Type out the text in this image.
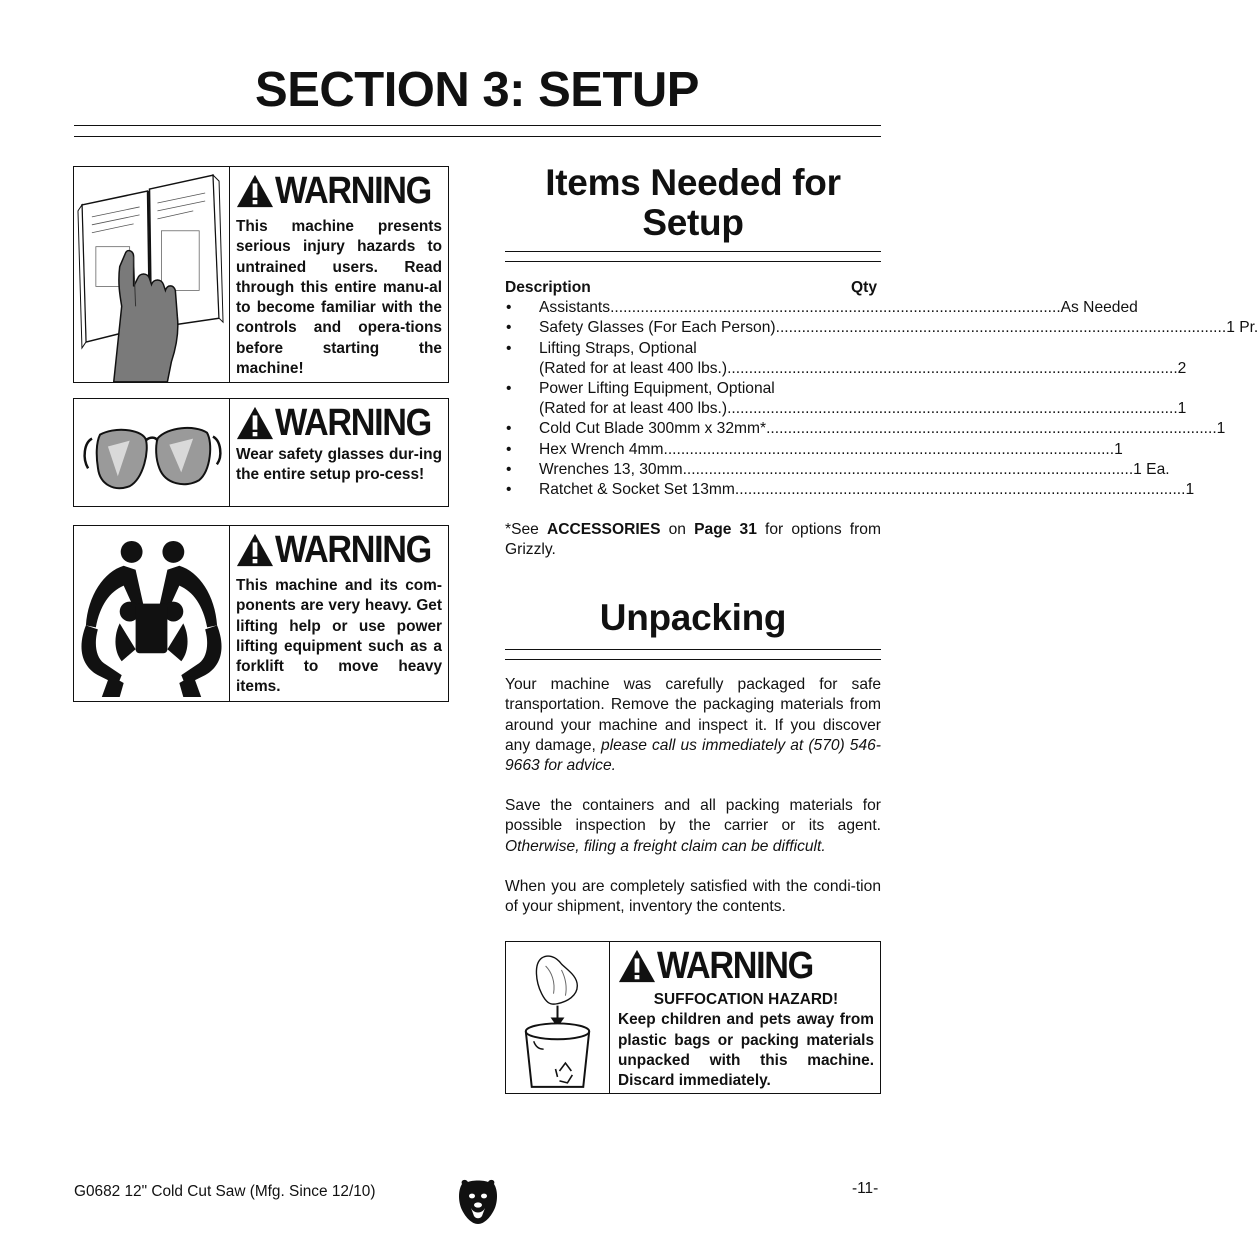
SECTION 3: SETUP
WARNING

This machine presents serious injury hazards to untrained users. Read through this entire manu-al to become familiar with the controls and opera-tions before starting the machine!

WARNING

Wear safety glasses dur-ing the entire setup pro-cess!

WARNING

This machine and its com-ponents are very heavy. Get lifting help or use power lifting equipment such as a forklift to move heavy items.

Items Needed for Setup
Description	Qty
•	Assistants .....	As Needed
•	Safety Glasses (For Each Person) .....	1 Pr.
•	Lifting Straps, Optional
(Rated for at least 400 lbs.) .....	2
•	Power Lifting Equipment, Optional
(Rated for at least 400 lbs.) .....	1
•	Cold Cut Blade 300mm x 32mm* .....	1
•	Hex Wrench 4mm .....	1
•	Wrenches 13, 30mm .....	1 Ea.
•	Ratchet & Socket Set 13mm .....	1

*See ACCESSORIES on Page 31 for options from Grizzly.

Unpacking

Your machine was carefully packaged for safe transportation. Remove the packaging materials from around your machine and inspect it. If you discover any damage, please call us immediately at (570) 546-9663 for advice.

Save the containers and all packing materials for possible inspection by the carrier or its agent. Otherwise, filing a freight claim can be difficult.

When you are completely satisfied with the condi-tion of your shipment, inventory the contents.

WARNING
SUFFOCATION HAZARD!

Keep children and pets away from plastic bags or packing materials unpacked with this machine. Discard immediately.

G0682 12" Cold Cut Saw (Mfg. Since 12/10)	-11-
